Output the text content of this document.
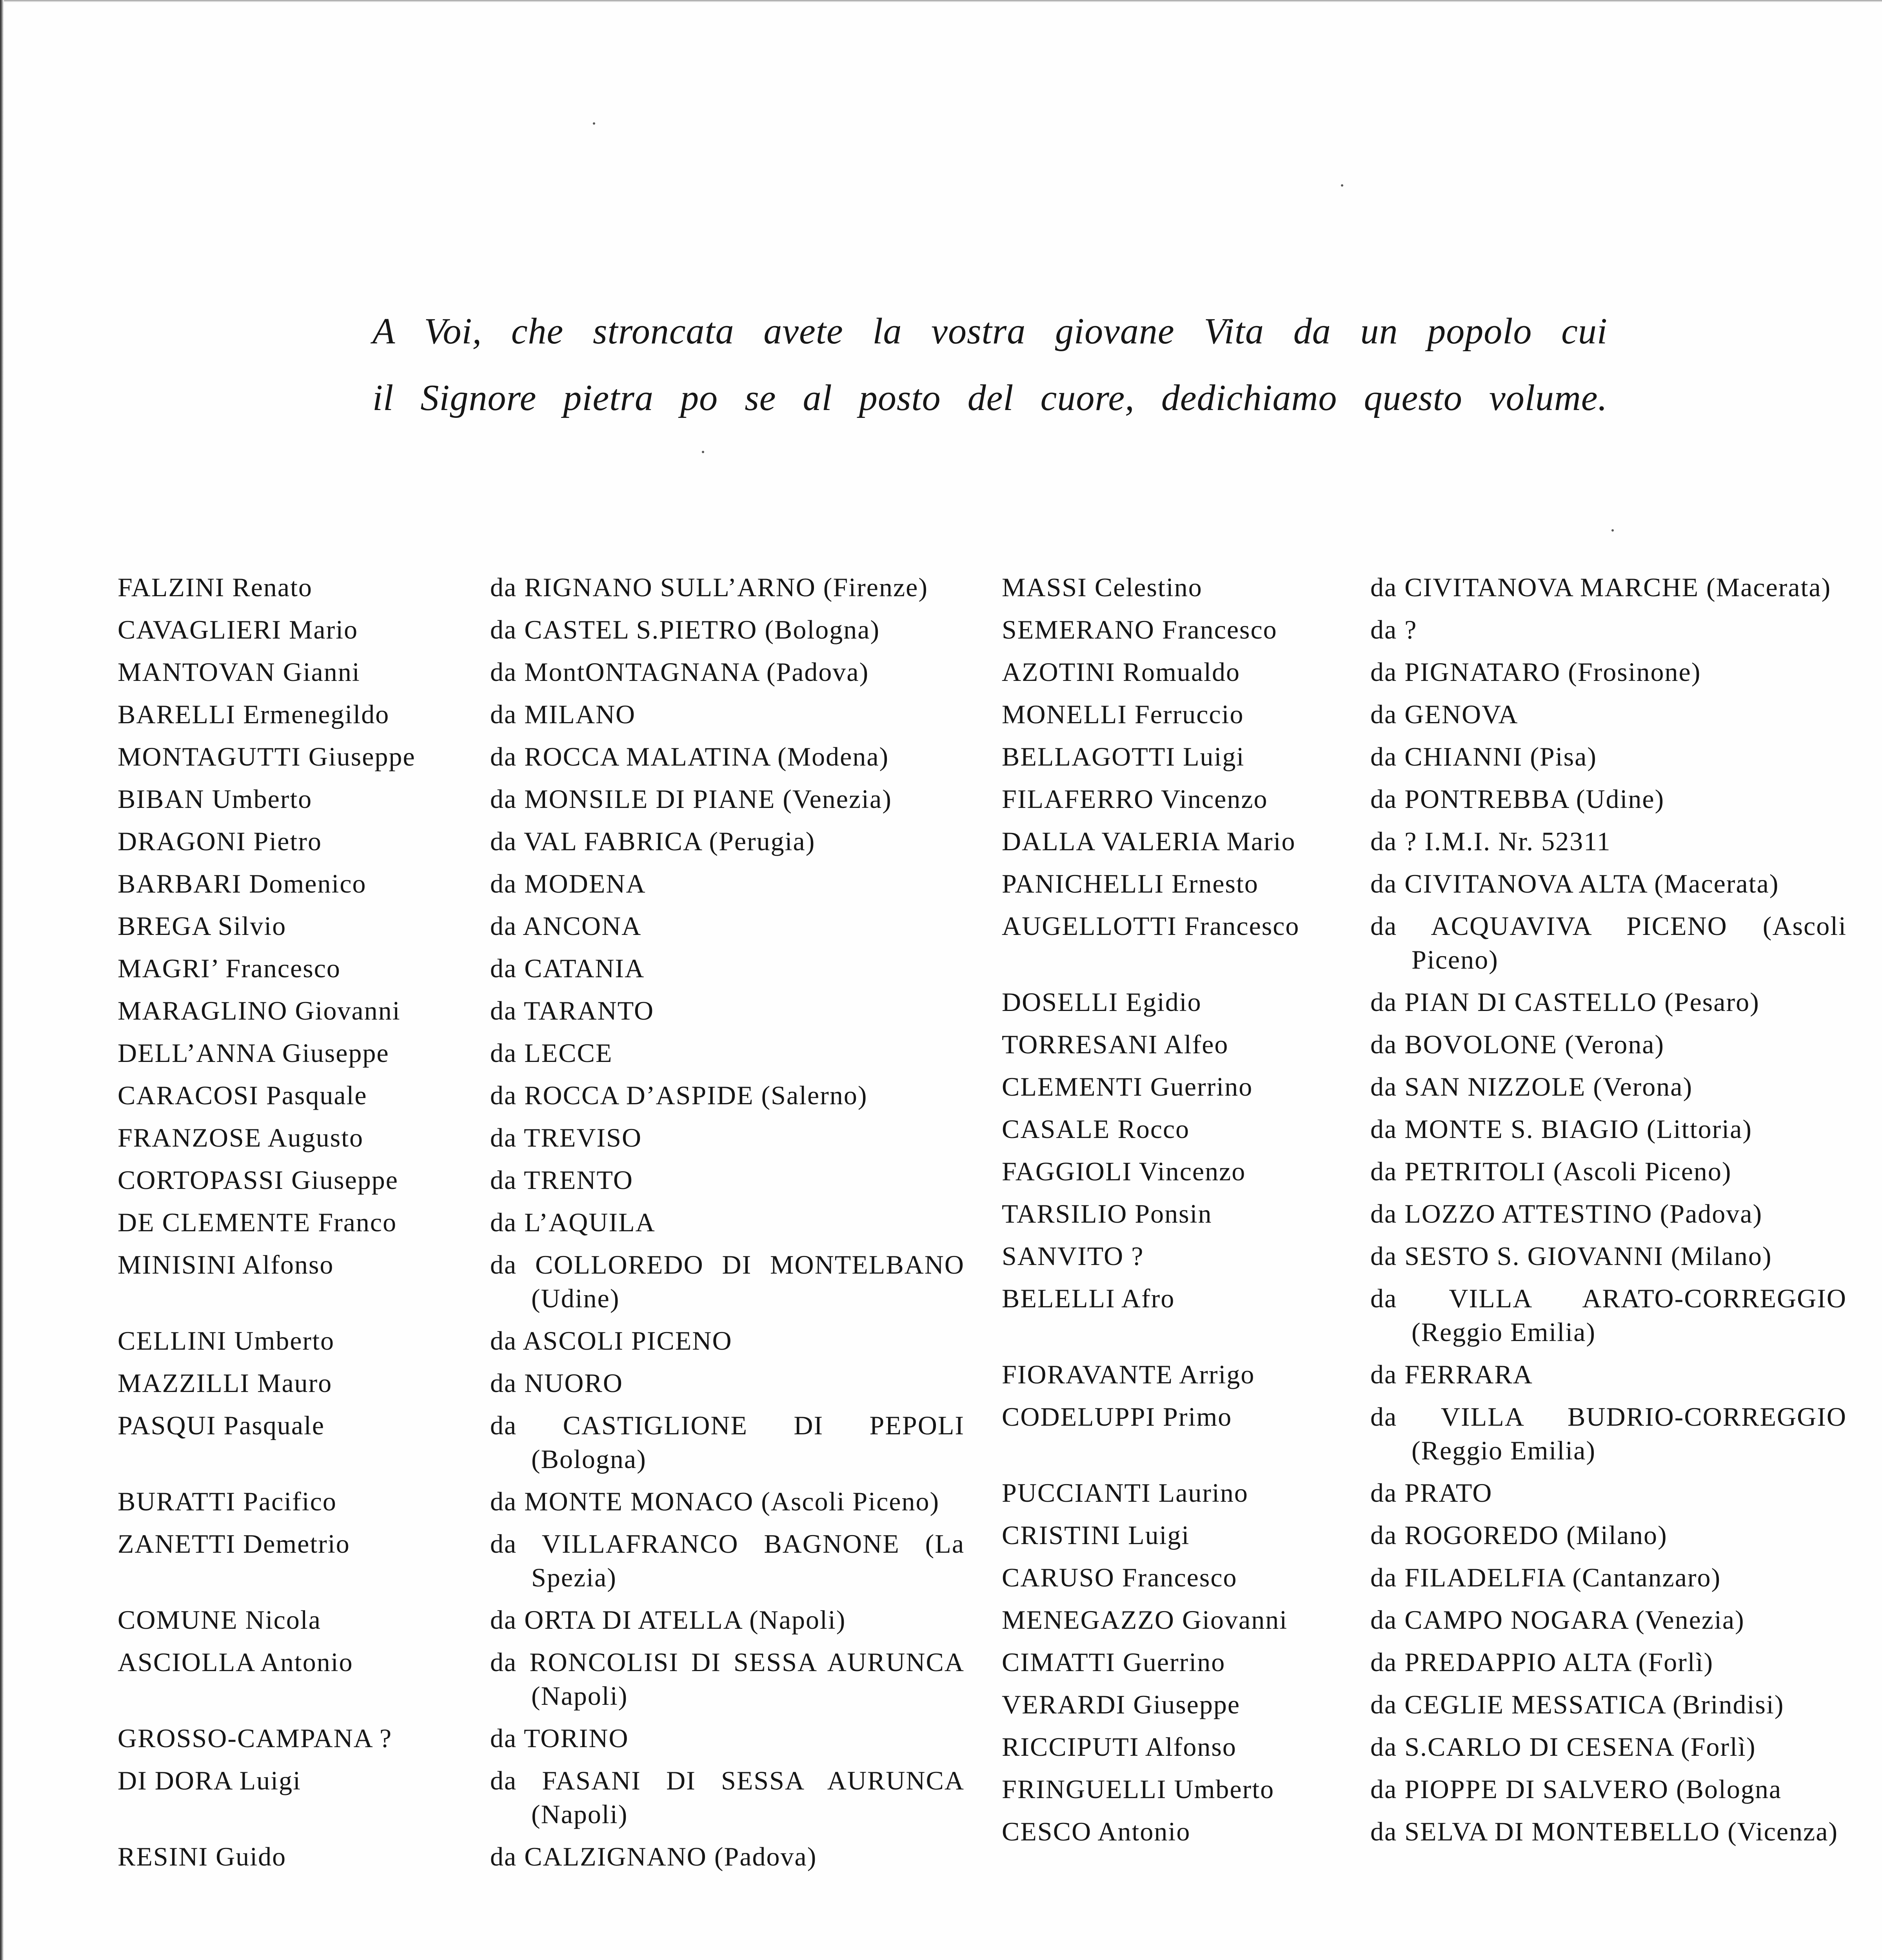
A Voi, che stroncata avete la vostra giovane Vita da un popolo cui
il Signore pietra po se al posto del cuore, dedichiamo questo volume.
FALZINI Renato	da RIGNANO SULL’ARNO (Firenze)
CAVAGLIERI Mario	da CASTEL S.PIETRO (Bologna)
MANTOVAN Gianni	da MontONTAGNANA (Padova)
BARELLI Ermenegildo	da MILANO
MONTAGUTTI Giuseppe	da ROCCA MALATINA (Modena)
BIBAN Umberto	da MONSILE DI PIANE (Venezia)
DRAGONI Pietro	da VAL FABRICA (Perugia)
BARBARI Domenico	da MODENA
BREGA Silvio	da ANCONA
MAGRI’ Francesco	da CATANIA
MARAGLINO Giovanni	da TARANTO
DELL’ANNA Giuseppe	da LECCE
CARACOSI Pasquale	da ROCCA D’ASPIDE (Salerno)
FRANZOSE Augusto	da TREVISO
CORTOPASSI Giuseppe	da TRENTO
DE CLEMENTE Franco	da L’AQUILA
MINISINI Alfonso	da COLLOREDO DI MONTELBANO (Udine)
CELLINI Umberto	da ASCOLI PICENO
MAZZILLI Mauro	da NUORO
PASQUI Pasquale	da CASTIGLIONE DI PEPOLI (Bologna)
BURATTI Pacifico	da MONTE MONACO (Ascoli Piceno)
ZANETTI Demetrio	da VILLAFRANCO BAGNONE (La Spezia)
COMUNE Nicola	da ORTA DI ATELLA (Napoli)
ASCIOLLA Antonio	da RONCOLISI DI SESSA AURUNCA (Napoli)
GROSSO-CAMPANA ?	da TORINO
DI DORA Luigi	da FASANI DI SESSA AURUNCA (Napoli)
RESINI Guido	da CALZIGNANO (Padova)
MASSI Celestino	da CIVITANOVA MARCHE (Macerata)
SEMERANO Francesco	da ?
AZOTINI Romualdo	da PIGNATARO (Frosinone)
MONELLI Ferruccio	da GENOVA
BELLAGOTTI Luigi	da CHIANNI (Pisa)
FILAFERRO Vincenzo	da PONTREBBA (Udine)
DALLA VALERIA Mario	da ? I.M.I. Nr. 52311
PANICHELLI Ernesto	da CIVITANOVA ALTA (Macerata)
AUGELLOTTI Francesco	da ACQUAVIVA PICENO (Ascoli Piceno)
DOSELLI Egidio	da PIAN DI CASTELLO (Pesaro)
TORRESANI Alfeo	da BOVOLONE (Verona)
CLEMENTI Guerrino	da SAN NIZZOLE (Verona)
CASALE Rocco	da MONTE S. BIAGIO (Littoria)
FAGGIOLI Vincenzo	da PETRITOLI (Ascoli Piceno)
TARSILIO Ponsin	da LOZZO ATTESTINO (Padova)
SANVITO ?	da SESTO S. GIOVANNI (Milano)
BELELLI Afro	da VILLA ARATO-CORREGGIO (Reggio Emilia)
FIORAVANTE Arrigo	da FERRARA
CODELUPPI Primo	da VILLA BUDRIO-CORREGGIO (Reggio Emilia)
PUCCIANTI Laurino	da PRATO
CRISTINI Luigi	da ROGOREDO (Milano)
CARUSO Francesco	da FILADELFIA (Cantanzaro)
MENEGAZZO Giovanni	da CAMPO NOGARA (Venezia)
CIMATTI Guerrino	da PREDAPPIO ALTA (Forlì)
VERARDI Giuseppe	da CEGLIE MESSATICA (Brindisi)
RICCIPUTI Alfonso	da S.CARLO DI CESENA (Forlì)
FRINGUELLI Umberto	da PIOPPE DI SALVERO (Bologna
CESCO Antonio	da SELVA DI MONTEBELLO (Vicenza)
